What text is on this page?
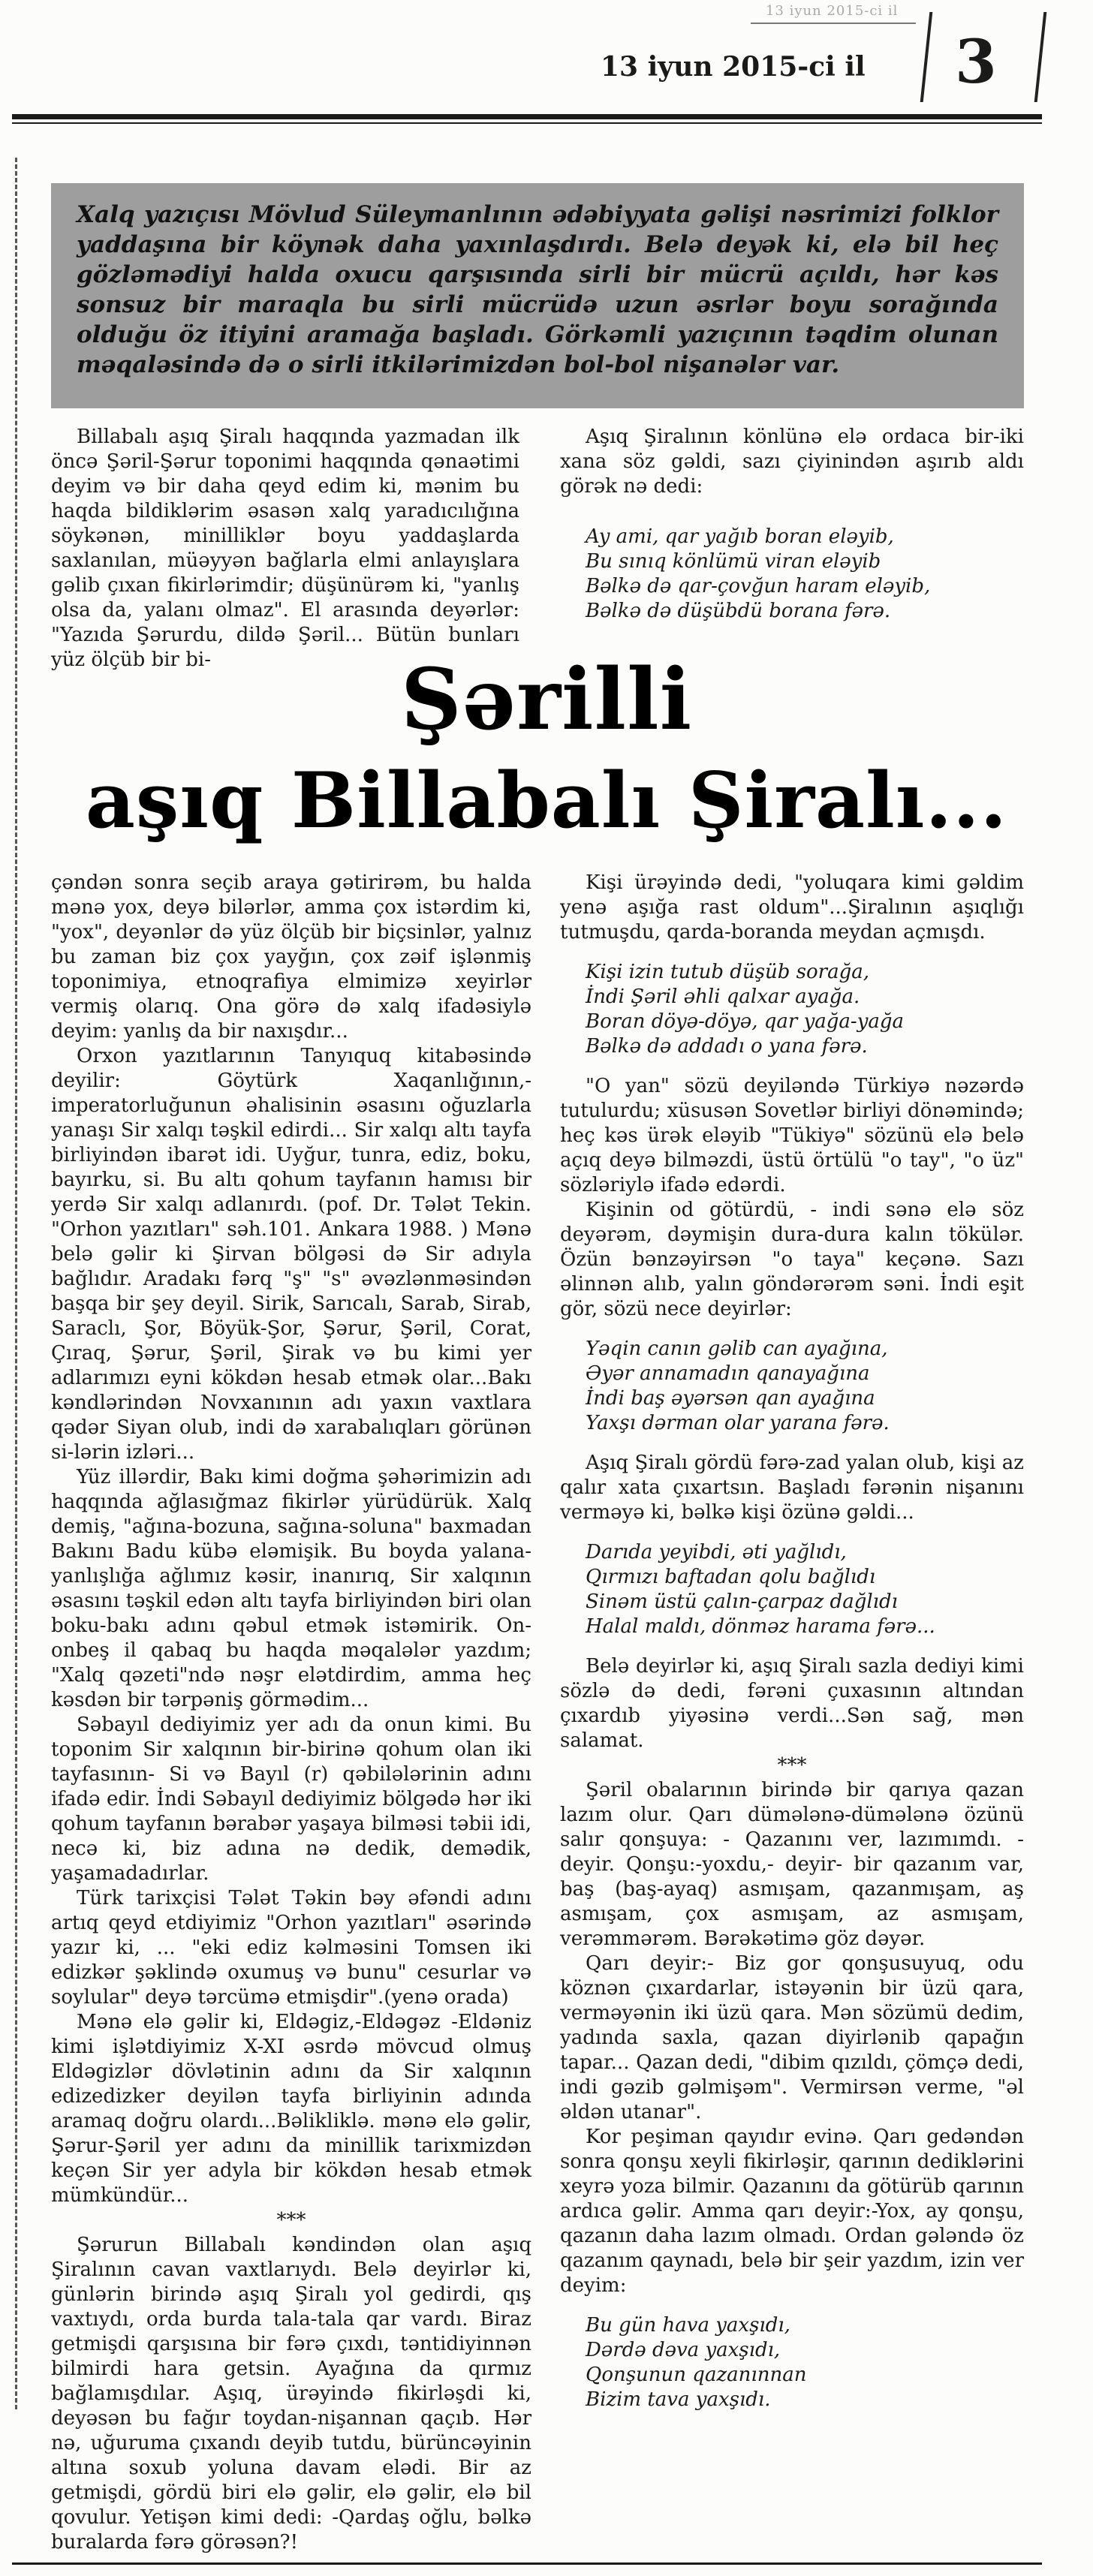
13 iyun 2015-ci il
13 iyun 2015-ci il	3

Xalq yazıçısı Mövlud Süleymanlının ədəbiyyata gəlişi nəsrimizi folklor yaddaşına bir köynək daha yaxınlaşdırdı. Belə deyək ki, elə bil heç gözləmədiyi halda oxucu qarşısında sirli bir mücrü açıldı, hər kəs sonsuz bir maraqla bu sirli mücrüdə uzun əsrlər boyu sorağında olduğu öz itiyini aramağa başladı. Görkəmli yazıçının təqdim olunan məqaləsində də o sirli itkilərimizdən bol-bol nişanələr var.

Billabalı aşıq Şiralı haqqında yazmadan ilk öncə Şəril-Şərur toponimi haqqında qənaətimi deyim və bir daha qeyd edim ki, mənim bu haqda bildiklərim əsasən xalq yaradıcılığına söykənən, minilliklər boyu yaddaşlarda saxlanılan, müəyyən bağlarla elmi anlayışlara gəlib çıxan fikirlərimdir; düşünürəm ki, "yanlış olsa da, yalanı olmaz". El arasında deyərlər: "Yazıda Şərurdu, dildə Şəril... Bütün bunları yüz ölçüb bir bi-

Aşıq Şiralının könlünə elə ordaca bir-iki xana söz gəldi, sazı çiyinindən aşırıb aldı görək nə dedi:

Ay ami, qar yağıb boran eləyib,
Bu sınıq könlümü viran eləyib
Bəlkə də qar-çovğun haram eləyib,
Bəlkə də düşübdü borana fərə.
Şərilli
aşıq Billabalı Şiralı...

çəndən sonra seçib araya gətirirəm, bu halda mənə yox, deyə bilərlər, amma çox istərdim ki, "yox", deyənlər də yüz ölçüb bir biçsinlər, yalnız bu zaman biz çox yayğın, çox zəif işlənmiş toponimiya, etnoqrafiya elmimizə xeyirlər vermiş olarıq. Ona görə də xalq ifadəsiylə deyim: yanlış da bir naxışdır...

Orxon yazıtlarının Tanyıquq kitabəsində deyilir: Göytürk Xaqanlığının,- imperatorluğunun əhalisinin əsasını oğuzlarla yanaşı Sir xalqı təşkil edirdi... Sir xalqı altı tayfa birliyindən ibarət idi. Uyğur, tunra, ediz, boku, bayırku, si. Bu altı qohum tayfanın hamısı bir yerdə Sir xalqı adlanırdı. (pof. Dr. Tələt Tekin. "Orhon yazıtları" səh.101. Ankara 1988. ) Mənə belə gəlir ki Şirvan bölgəsi də Sir adıyla bağlıdır. Aradakı fərq "ş" "s" əvəzlənməsindən başqa bir şey deyil. Sirik, Sarıcalı, Sarab, Sirab, Saraclı, Şor, Böyük-Şor, Şərur, Şəril, Corat, Çıraq, Şərur, Şəril, Şirak və bu kimi yer adlarımızı eyni kökdən hesab etmək olar...Bakı kəndlərindən Novxanının adı yaxın vaxtlara qədər Siyan olub, indi də xarabalıqları görünən si-lərin izləri...

Yüz illərdir, Bakı kimi doğma şəhərimizin adı haqqında ağlasığmaz fikirlər yürüdürük. Xalq demiş, "ağına-bozuna, sağına-soluna" baxmadan Bakını Badu kübə eləmişik. Bu boyda yalana-yanlışlığa ağlımız kəsir, inanırıq, Sir xalqının əsasını təşkil edən altı tayfa birliyindən biri olan boku-bakı adını qəbul etmək istəmirik. On-onbeş il qabaq bu haqda məqalələr yazdım; "Xalq qəzeti"ndə nəşr elətdirdim, amma heç kəsdən bir tərpəniş görmədim...

Səbayıl dediyimiz yer adı da onun kimi. Bu toponim Sir xalqının bir-birinə qohum olan iki tayfasının- Si və Bayıl (r) qəbilələrinin adını ifadə edir. İndi Səbayıl dediyimiz bölgədə hər iki qohum tayfanın bərabər yaşaya bilməsi təbii idi, necə ki, biz adına nə dedik, demədik, yaşamadadırlar.

Türk tarixçisi Tələt Təkin bəy əfəndi adını artıq qeyd etdiyimiz "Orhon yazıtları" əsərində yazır ki, ... "eki ediz kəlməsini Tomsen iki edizkər şəklində oxumuş və bunu" cesurlar və soylular" deyə tərcümə etmişdir".(yenə orada)

Mənə elə gəlir ki, Eldəgiz,-Eldəgəz -Eldəniz kimi işlətdiyimiz X-XI əsrdə mövcud olmuş Eldəgizlər dövlətinin adını da Sir xalqının edizedizker deyilən tayfa birliyinin adında aramaq doğru olardı...Bəlikliklə. mənə elə gəlir, Şərur-Şəril yer adını da minillik tarixmizdən keçən Sir yer adyla bir kökdən hesab etmək mümkündür...

***

Şərurun Billabalı kəndindən olan aşıq Şiralının cavan vaxtlarıydı. Belə deyirlər ki, günlərin birində aşıq Şiralı yol gedirdi, qış vaxtıydı, orda burda tala-tala qar vardı. Biraz getmişdi qarşısına bir fərə çıxdı, təntidiyinnən bilmirdi hara getsin. Ayağına da qırmız bağlamışdılar. Aşıq, ürəyində fikirləşdi ki, deyəsən bu fağır toydan-nişannan qaçıb. Hər nə, uğuruma çıxandı deyib tutdu, bürüncəyinin altına soxub yoluna davam elədi. Bir az getmişdi, gördü biri elə gəlir, elə gəlir, elə bil qovulur. Yetişən kimi dedi: -Qardaş oğlu, bəlkə buralarda fərə görəsən?!

Kişi ürəyində dedi, "yoluqara kimi gəldim yenə aşığa rast oldum"...Şiralının aşıqlığı tutmuşdu, qarda-boranda meydan açmışdı.

Kişi izin tutub düşüb sorağa,
İndi Şəril əhli qalxar ayağa.
Boran döyə-döyə, qar yağa-yağa
Bəlkə də addadı o yana fərə.

"O yan" sözü deyiləndə Türkiyə nəzərdə tutulurdu; xüsusən Sovetlər birliyi dönəmində; heç kəs ürək eləyib "Tükiyə" sözünü elə belə açıq deyə bilməzdi, üstü örtülü "o tay", "o üz" sözləriylə ifadə edərdi.

Kişinin od götürdü, - indi sənə elə söz deyərəm, dəymişin dura-dura kalın tökülər. Özün bənzəyirsən "o taya" keçənə. Sazı əlinnən alıb, yalın göndərərəm səni. İndi eşit gör, sözü nece deyirlər:

Yəqin canın gəlib can ayağına,
Əyər annamadın qanayağına
İndi baş əyərsən qan ayağına
Yaxşı dərman olar yarana fərə.

Aşıq Şiralı gördü fərə-zad yalan olub, kişi az qalır xata çıxartsın. Başladı fərənin nişanını verməyə ki, bəlkə kişi özünə gəldi...

Darıda yeyibdi, əti yağlıdı,
Qırmızı baftadan qolu bağlıdı
Sinəm üstü çalın-çarpaz dağlıdı
Halal maldı, dönməz harama fərə...

Belə deyirlər ki, aşıq Şiralı sazla dediyi kimi sözlə də dedi, fərəni çuxasının altından çıxardıb yiyəsinə verdi...Sən sağ, mən salamat.

***

Şəril obalarının birində bir qarıya qazan lazım olur. Qarı dümələnə-dümələnə özünü salır qonşuya: - Qazanını ver, lazımımdı. - deyir. Qonşu:-yoxdu,- deyir- bir qazanım var, baş (baş-ayaq) asmışam, qazanmışam, aş asmışam, çox asmışam, az asmışam, verəmmərəm. Bərəkətimə göz dəyər.

Qarı deyir:- Biz gor qonşusuyuq, odu köznən çıxardarlar, istəyənin bir üzü qara, verməyənin iki üzü qara. Mən sözümü dedim, yadında saxla, qazan diyirlənib qapağın tapar... Qazan dedi, "dibim qızıldı, çömçə dedi, indi gəzib gəlmişəm". Vermirsən verme, "əl əldən utanar".

Kor peşiman qayıdır evinə. Qarı gedəndən sonra qonşu xeyli fikirləşir, qarının dediklərini xeyrə yoza bilmir. Qazanını da götürüb qarının ardıca gəlir. Amma qarı deyir:-Yox, ay qonşu, qazanın daha lazım olmadı. Ordan gələndə öz qazanım qaynadı, belə bir şeir yazdım, izin ver deyim:

Bu gün hava yaxşıdı,
Dərdə dəva yaxşıdı,
Qonşunun qazanınnan
Bizim tava yaxşıdı.
